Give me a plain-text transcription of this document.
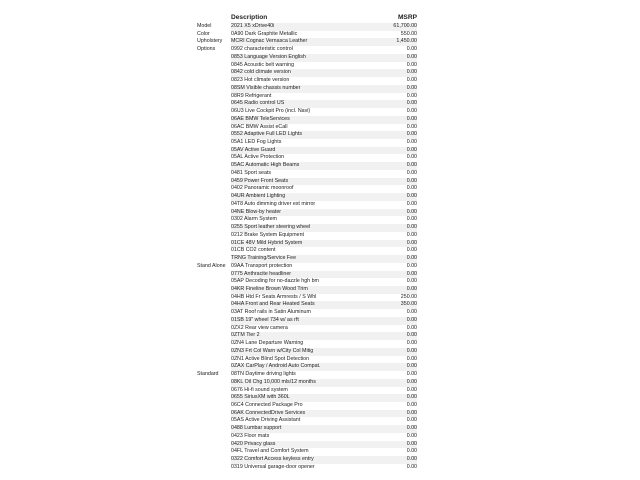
Description	MSRP
Model	2021 X5 xDrive40i	61,700.00
Color	0A90 Dark Graphite Metallic	550.00
Upholstery	MCRI Cognac Vernasca Leather	1,450.00
Options	0992 characteristic control	0.00
0853 Language Version English	0.00
0845 Acoustic belt warning	0.00
0842 cold climate version	0.00
0823 Hot climate version	0.00
08SM Visible chassis number	0.00
08R9 Refrigerant	0.00
0645 Radio control US	0.00
06U3 Live Cockpit Pro (incl. Navi)	0.00
06AE BMW TeleServices	0.00
06AC BMW Assist eCall	0.00
0552 Adaptive Full LED Lights	0.00
05A1 LED Fog Lights	0.00
05AV Active Guard	0.00
05AL Active Protection	0.00
05AC Automatic High Beams	0.00
0481 Sport seats	0.00
0459 Power Front Seats	0.00
0402 Panoramic moonroof	0.00
04UR Ambient Lighting	0.00
04T8 Auto dimming driver ext mirror	0.00
04NE Blow-by heater	0.00
0302 Alarm System	0.00
0255 Sport leather steering wheel	0.00
0212 Brake System Equipment	0.00
01CE 48V Mild Hybrid System	0.00
01CB CO2 content	0.00
TRNG Training/Service Fee	0.00
Stand Alone	09AA Transport protection	0.00
0775 Anthracite headliner	0.00
05AP Decoding for no-dazzle hgh bm	0.00
04KR Fineline Brown Wood Trim	0.00
04HB Htd Fr Seats Armrests / S Whl	250.00
04HA Front and Rear Heated Seats	350.00
03AT Roof rails in Satin Aluminum	0.00
01SB 19" wheel 734 w/ as rft	0.00
0ZX2 Rear view camera	0.00
0ZTM Tier 2	0.00
0ZN4 Lane Departure Warning	0.00
0ZN3 Frt Col Warn w/City Col Mitig	0.00
0ZN1 Active Blind Spot Detection	0.00
0ZAX CarPlay / Android Auto Compat.	0.00
Standard	08TN Daytime driving lights	0.00
08KL Oil Chg 10,000 mls/12 months	0.00
0676 Hi-fi sound system	0.00
0655 SiriusXM with 360L	0.00
06C4 Connected Package Pro	0.00
06AK ConnectedDrive Services	0.00
05AS Active Driving Assistant	0.00
0488 Lumbar support	0.00
0423 Floor mats	0.00
0420 Privacy glass	0.00
04FL Travel and Comfort System	0.00
0322 Comfort Access keyless entry	0.00
0319 Universal garage-door opener	0.00
